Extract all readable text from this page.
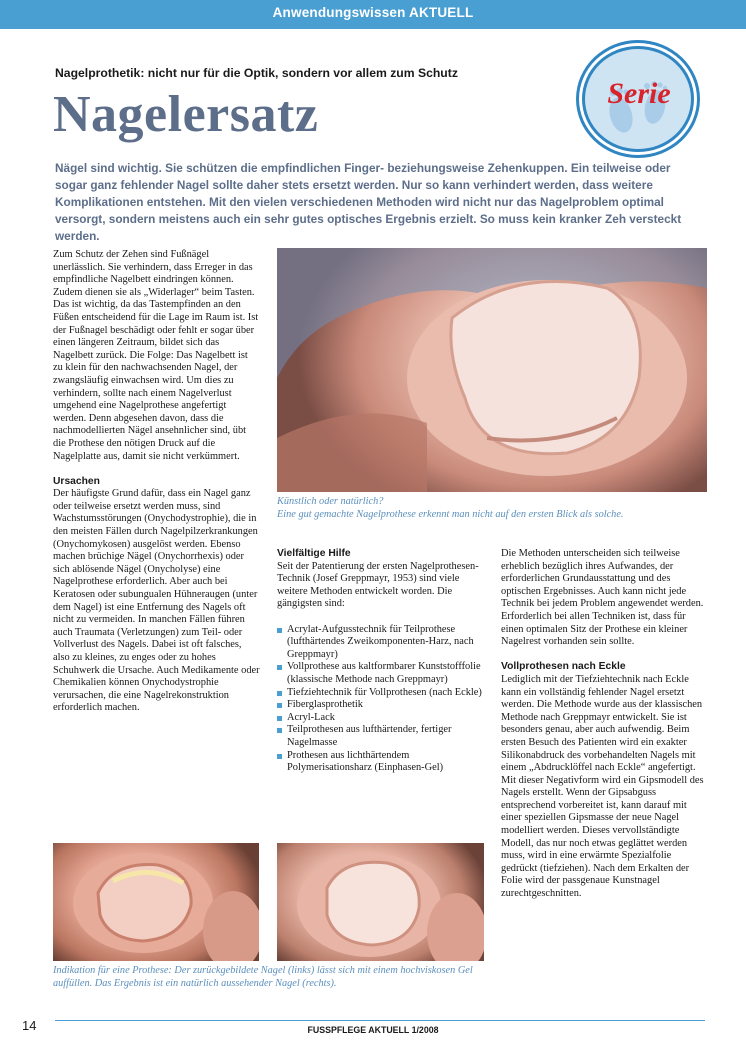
Anwendungswissen AKTUELL
Nagelprothetik: nicht nur für die Optik, sondern vor allem zum Schutz
Nagelersatz	Serie
Nägel sind wichtig. Sie schützen die empfindlichen Finger- beziehungsweise Zehenkuppen. Ein teilweise oder sogar ganz fehlender Nagel sollte daher stets ersetzt werden. Nur so kann verhindert werden, dass weitere Komplikationen entstehen. Mit den vielen verschiedenen Methoden wird nicht nur das Nagelproblem optimal versorgt, sondern meistens auch ein sehr gutes optisches Ergebnis erzielt. So muss kein kranker Zeh versteckt werden.

Zum Schutz der Zehen sind Fußnägel unerlässlich. Sie verhindern, dass Erreger in das empfindliche Nagelbett eindringen können. Zudem dienen sie als „Widerlager“ beim Tasten. Das ist wichtig, da das Tastempfinden an den Füßen entscheidend für die Lage im Raum ist. Ist der Fußnagel beschädigt oder fehlt er sogar über einen längeren Zeitraum, bildet sich das Nagelbett zurück. Die Folge: Das Nagelbett ist zu klein für den nachwachsenden Nagel, der zwangsläufig einwachsen wird. Um dies zu verhindern, sollte nach einem Nagelverlust umgehend eine Nagelprothese angefertigt werden. Denn abgesehen davon, dass die nachmodellierten Nägel ansehnlicher sind, übt die Prothese den nötigen Druck auf die Nagelplatte aus, damit sie nicht verkümmert.

Ursachen
Der häufigste Grund dafür, dass ein Nagel ganz oder teilweise ersetzt werden muss, sind Wachstumsstörungen (Onychodystrophie), die in den meisten Fällen durch Nagelpilzerkrankungen (Onychomykosen) ausgelöst werden. Ebenso machen brüchige Nägel (Onychorrhexis) oder sich ablösende Nägel (Onycholyse) eine Nagelprothese erforderlich. Aber auch bei Keratosen oder subungualen Hühneraugen (unter dem Nagel) ist eine Entfernung des Nagels oft nicht zu vermeiden. In manchen Fällen führen auch Traumata (Verletzungen) zum Teil- oder Vollverlust des Nagels. Dabei ist oft falsches, also zu kleines, zu enges oder zu hohes Schuhwerk die Ursache. Auch Medikamente oder Chemikalien können Onychodystrophie verursachen, die eine Nagelrekonstruktion erforderlich machen.

Künstlich oder natürlich?
Eine gut gemachte Nagelprothese erkennt man nicht auf den ersten Blick als solche.
Vielfältige Hilfe

Seit der Patentierung der ersten Nagelprothesen-Technik (Josef Greppmayr, 1953) sind viele weitere Methoden entwickelt worden. Die gängigsten sind:

Acrylat-Aufgusstechnik für Teilprothese (lufthärtendes Zweikomponenten-Harz, nach Greppmayr)
Vollprothese aus kaltformbarer Kunststofffolie (klassische Methode nach Greppmayr)
Tiefziehtechnik für Vollprothesen (nach Eckle)
Fiberglasprothetik
Acryl-Lack
Teilprothesen aus lufthärtender, fertiger Nagelmasse
Prothesen aus lichthärtendem Polymerisationsharz (Einphasen-Gel)

Die Methoden unterscheiden sich teilweise erheblich bezüglich ihres Aufwandes, der erforderlichen Grundausstattung und des optischen Ergebnisses. Auch kann nicht jede Technik bei jedem Problem angewendet werden. Erforderlich bei allen Techniken ist, dass für einen optimalen Sitz der Prothese ein kleiner Nagelrest vorhanden sein sollte.

Vollprothesen nach Eckle

Lediglich mit der Tiefziehtechnik nach Eckle kann ein vollständig fehlender Nagel ersetzt werden. Die Methode wurde aus der klassischen Methode nach Greppmayr entwickelt. Sie ist besonders genau, aber auch aufwendig. Beim ersten Besuch des Patienten wird ein exakter Silikonabdruck des vorbehandelten Nagels mit einem „Abdrucklöffel nach Eckle“ angefertigt. Mit dieser Negativform wird ein Gipsmodell des Nagels erstellt. Wenn der Gipsabguss entsprechend vorbereitet ist, kann darauf mit einer speziellen Gipsmasse der neue Nagel modelliert werden. Dieses vervollständigte Modell, das nur noch etwas geglättet werden muss, wird in eine erwärmte Spezialfolie gedrückt (tiefziehen). Nach dem Erkalten der Folie wird der passgenaue Kunstnagel zurechtgeschnitten.

Indikation für eine Prothese: Der zurückgebildete Nagel (links) lässt sich mit einem hochviskosen Gel auffüllen. Das Ergebnis ist ein natürlich aussehender Nagel (rechts).
14	FUSSPFLEGE AKTUELL 1/2008
